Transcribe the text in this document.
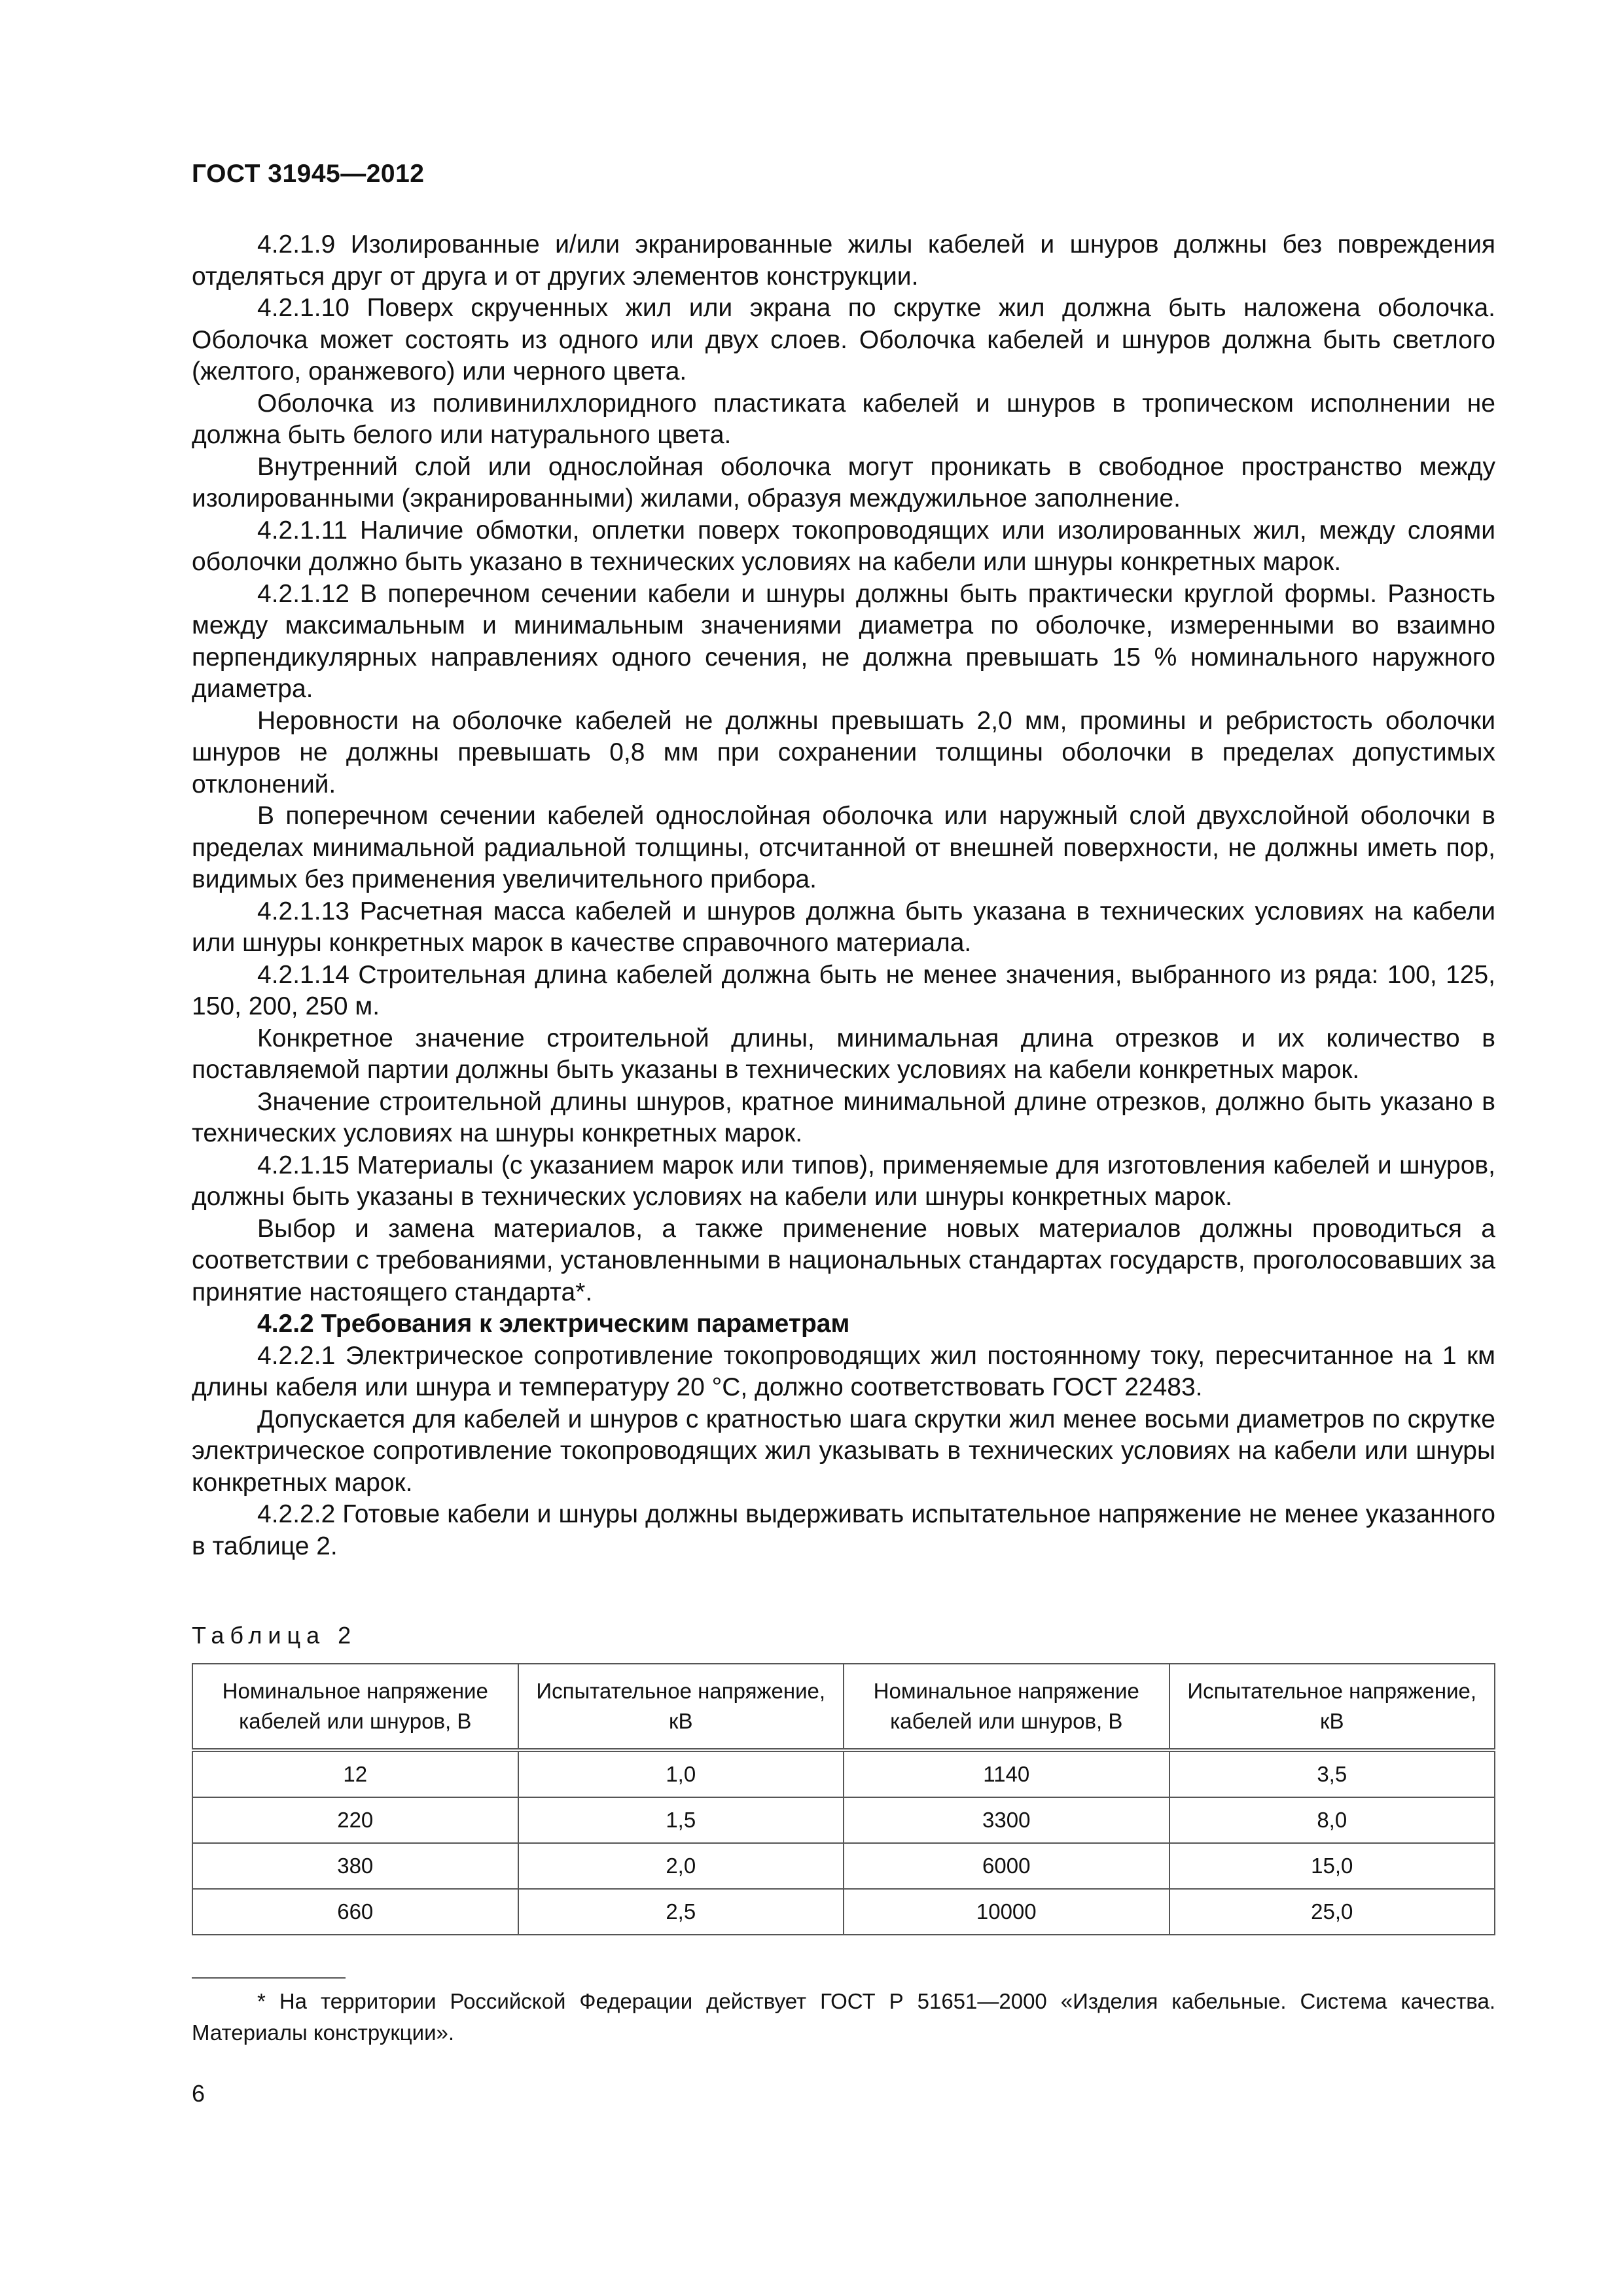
ГОСТ 31945—2012

4.2.1.9 Изолированные и/или экранированные жилы кабелей и шнуров должны без повреждения отделяться друг от друга и от других элементов конструкции.

4.2.1.10 Поверх скрученных жил или экрана по скрутке жил должна быть наложена оболочка. Оболочка может состоять из одного или двух слоев. Оболочка кабелей и шнуров должна быть светлого (желтого, оранжевого) или черного цвета.

Оболочка из поливинилхлоридного пластиката кабелей и шнуров в тропическом исполнении не должна быть белого или натурального цвета.

Внутренний слой или однослойная оболочка могут проникать в свободное пространство между изолированными (экранированными) жилами, образуя междужильное заполнение.

4.2.1.11 Наличие обмотки, оплетки поверх токопроводящих или изолированных жил, между слоями оболочки должно быть указано в технических условиях на кабели или шнуры конкретных марок.

4.2.1.12 В поперечном сечении кабели и шнуры должны быть практически круглой формы. Разность между максимальным и минимальным значениями диаметра по оболочке, измеренными во взаимно перпендикулярных направлениях одного сечения, не должна превышать 15 % номинального наружного диаметра.

Неровности на оболочке кабелей не должны превышать 2,0 мм, промины и ребристость оболочки шнуров не должны превышать 0,8 мм при сохранении толщины оболочки в пределах допустимых отклонений.

В поперечном сечении кабелей однослойная оболочка или наружный слой двухслойной оболочки в пределах минимальной радиальной толщины, отсчитанной от внешней поверхности, не должны иметь пор, видимых без применения увеличительного прибора.

4.2.1.13 Расчетная масса кабелей и шнуров должна быть указана в технических условиях на кабели или шнуры конкретных марок в качестве справочного материала.

4.2.1.14 Строительная длина кабелей должна быть не менее значения, выбранного из ряда: 100, 125, 150, 200, 250 м.

Конкретное значение строительной длины, минимальная длина отрезков и их количество в поставляемой партии должны быть указаны в технических условиях на кабели конкретных марок.

Значение строительной длины шнуров, кратное минимальной длине отрезков, должно быть указано в технических условиях на шнуры конкретных марок.

4.2.1.15 Материалы (с указанием марок или типов), применяемые для изготовления кабелей и шнуров, должны быть указаны в технических условиях на кабели или шнуры конкретных марок.

Выбор и замена материалов, а также применение новых материалов должны проводиться а соответствии с требованиями, установленными в национальных стандартах государств, проголосовавших за принятие настоящего стандарта*.

4.2.2 Требования к электрическим параметрам

4.2.2.1 Электрическое сопротивление токопроводящих жил постоянному току, пересчитанное на 1 км длины кабеля или шнура и температуру 20 °С, должно соответствовать ГОСТ 22483.

Допускается для кабелей и шнуров с кратностью шага скрутки жил менее восьми диаметров по скрутке электрическое сопротивление токопроводящих жил указывать в технических условиях на кабели или шнуры конкретных марок.

4.2.2.2 Готовые кабели и шнуры должны выдерживать испытательное напряжение не менее указанного в таблице 2.

Таблица 2
Номинальное напряжение кабелей или шнуров, В	Испытательное напряжение, кВ	Номинальное напряжение кабелей или шнуров, В	Испытательное напряжение, кВ
12	1,0	1140	3,5
220	1,5	3300	8,0
380	2,0	6000	15,0
660	2,5	10000	25,0
* На территории Российской Федерации действует ГОСТ Р 51651—2000 «Изделия кабельные. Система качества. Материалы конструкции».
6
